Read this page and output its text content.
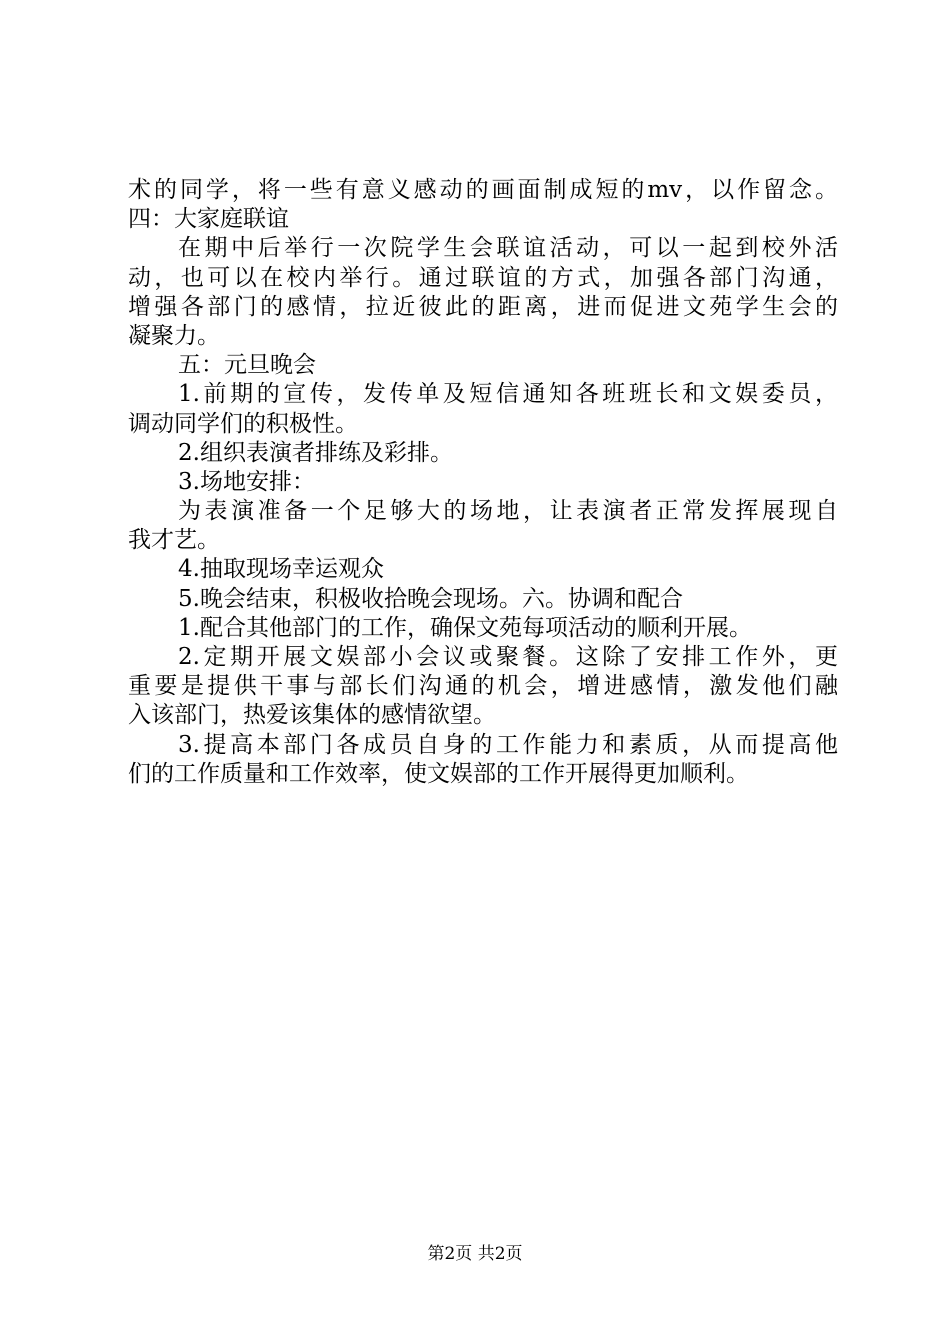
术的同学，将一些有意义感动的画面制成短的mv，以作留念。
四：大家庭联谊
在期中后举行一次院学生会联谊活动，可以一起到校外活
动，也可以在校内举行。通过联谊的方式，加强各部门沟通，
增强各部门的感情，拉近彼此的距离，进而促进文苑学生会的
凝聚力。
五：元旦晚会
1.前期的宣传，发传单及短信通知各班班长和文娱委员，
调动同学们的积极性。
2.组织表演者排练及彩排。
3.场地安排：
为表演准备一个足够大的场地，让表演者正常发挥展现自
我才艺。
4.抽取现场幸运观众
5.晚会结束，积极收拾晚会现场。六。协调和配合
1.配合其他部门的工作，确保文苑每项活动的顺利开展。
2.定期开展文娱部小会议或聚餐。这除了安排工作外，更
重要是提供干事与部长们沟通的机会，增进感情，激发他们融
入该部门，热爱该集体的感情欲望。
3.提高本部门各成员自身的工作能力和素质，从而提高他
们的工作质量和工作效率，使文娱部的工作开展得更加顺利。
第2页 共2页
